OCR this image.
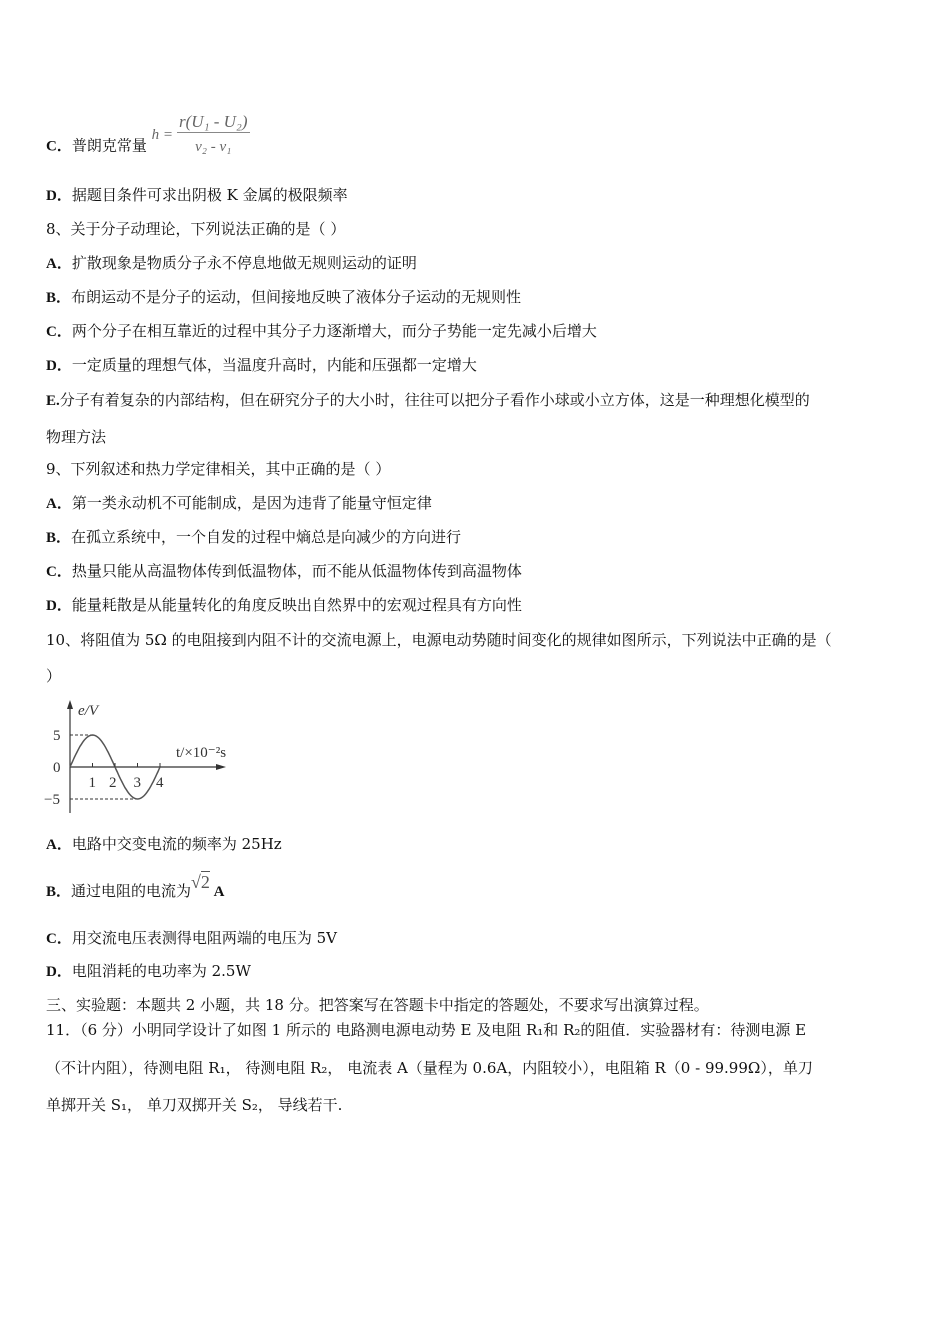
C．普朗克常量
$h = \frac{\text{r(U₁ - U₂)}}{\text{ν₂ - ν₁}}$
D．据题目条件可求出阴极 K 金属的极限频率
8、关于分子动理论，下列说法正确的是（ ）
A．扩散现象是物质分子永不停息地做无规则运动的证明
B．布朗运动不是分子的运动，但间接地反映了液体分子运动的无规则性
C．两个分子在相互靠近的过程中其分子力逐渐增大，而分子势能一定先减小后增大
D．一定质量的理想气体，当温度升高时，内能和压强都一定增大
E.分子有着复杂的内部结构，但在研究分子的大小时，往往可以把分子看作小球或小立方体，这是一种理想化模型的
物理方法
9、下列叙述和热力学定律相关，其中正确的是（ ）
A．第一类永动机不可能制成，是因为违背了能量守恒定律
B．在孤立系统中，一个自发的过程中熵总是向减少的方向进行
C．热量只能从高温物体传到低温物体，而不能从低温物体传到高温物体
D．能量耗散是从能量转化的角度反映出自然界中的宏观过程具有方向性
10、将阻值为 5Ω 的电阻接到内阻不计的交流电源上，电源电动势随时间变化的规律如图所示，下列说法中正确的是（
）
e/V
t/×10⁻²s
1 2 3 4
5
0
−5
A．电路中交变电流的频率为 25Hz
B．通过电阻的电流为√2 A
C．用交流电压表测得电阻两端的电压为 5V
D．电阻消耗的电功率为 2.5W
三、实验题：本题共 2 小题，共 18 分。把答案写在答题卡中指定的答题处，不要求写出演算过程。
11．（6 分）小明同学设计了如图 1 所示的 电路测电源电动势 E 及电阻 R₁和 R₂的阻值．实验器材有：待测电源 E
（不计内阻），待测电阻 R₁， 待测电阻 R₂， 电流表 A（量程为 0.6A，内阻较小），电阻箱 R（0 - 99.99Ω），单刀
单掷开关 S₁， 单刀双掷开关 S₂， 导线若干.
